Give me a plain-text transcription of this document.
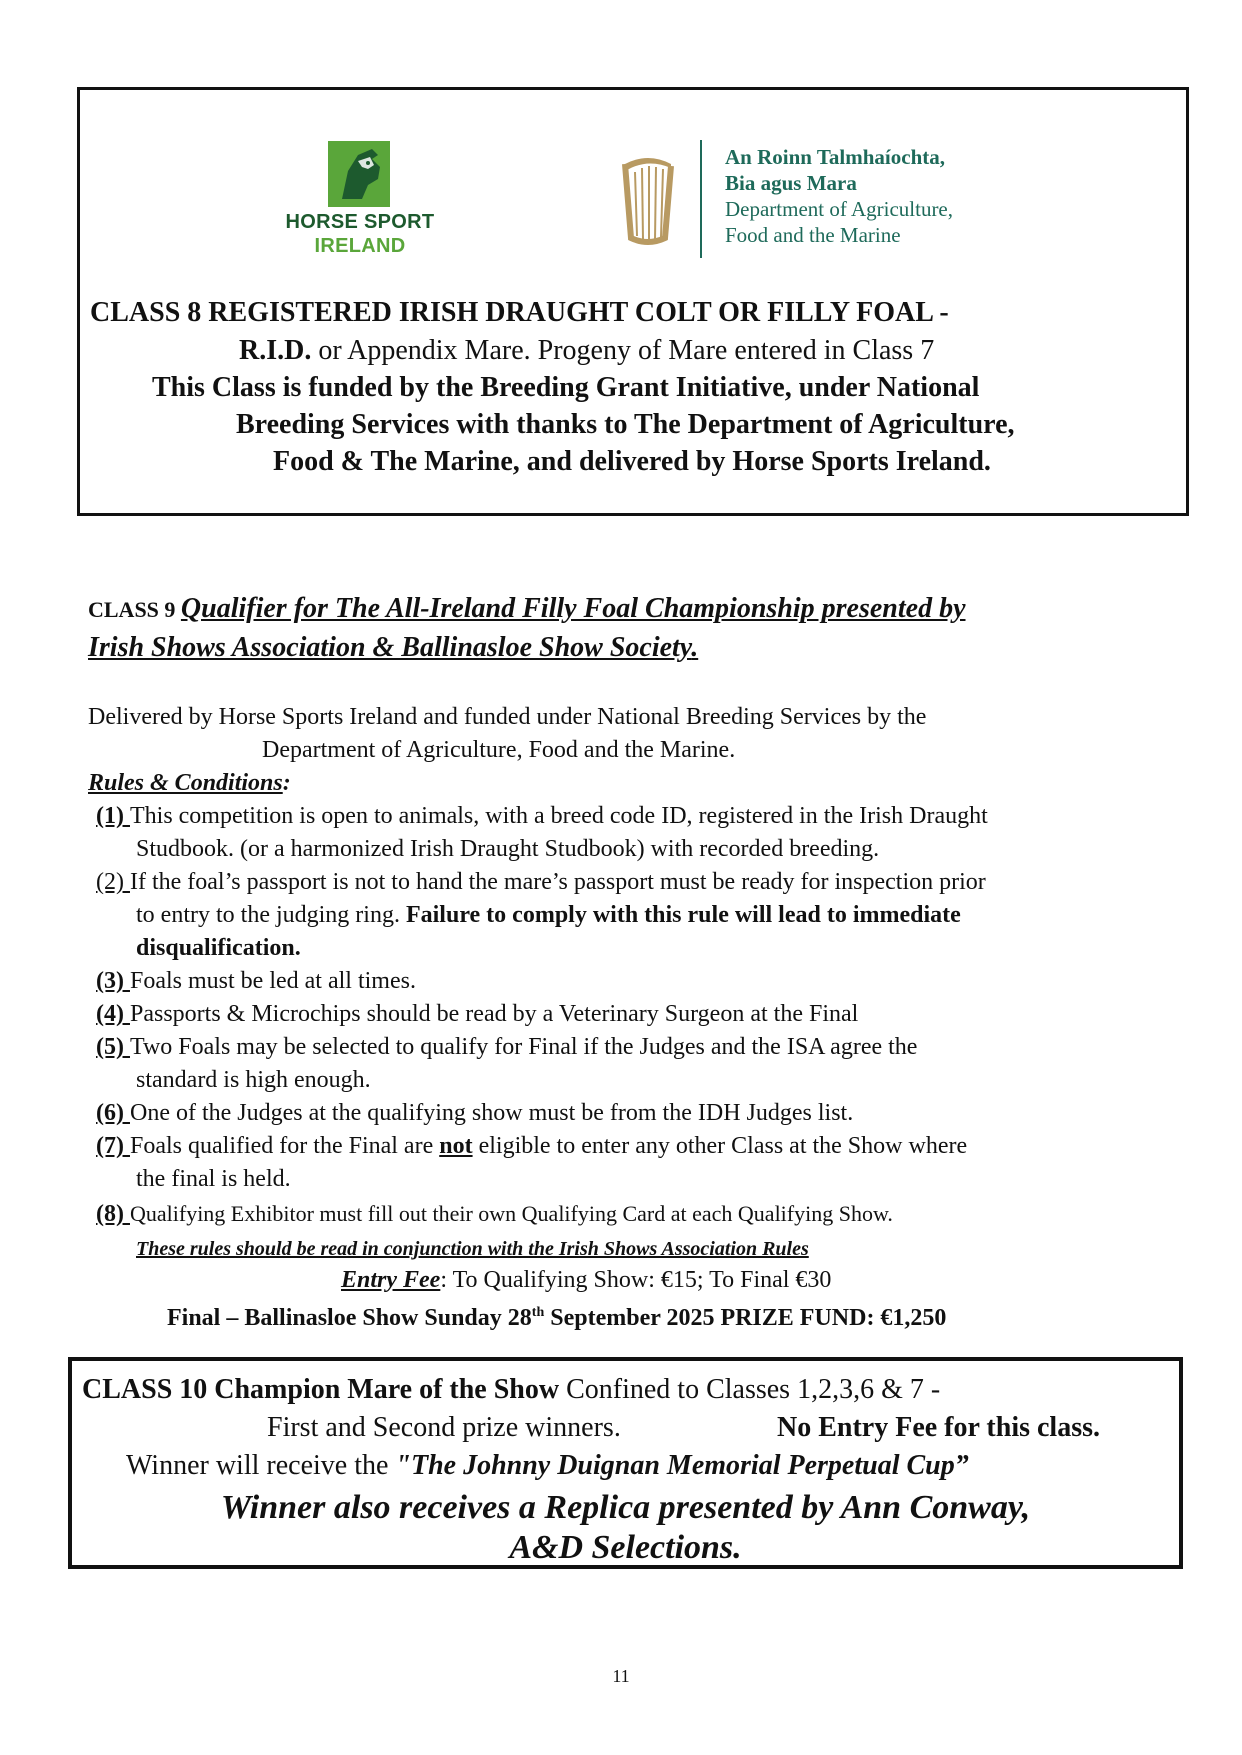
HORSE SPORT
IRELAND
An Roinn Talmhaíochta,
Bia agus Mara
Department of Agriculture,
Food and the Marine
CLASS 8 REGISTERED IRISH DRAUGHT COLT OR FILLY FOAL -
R.I.D. or Appendix Mare. Progeny of Mare entered in Class 7
This Class is funded by the Breeding Grant Initiative, under National
Breeding Services with thanks to The Department of Agriculture,
Food & The Marine, and delivered by Horse Sports Ireland.
CLASS 9 Qualifier for The All-Ireland Filly Foal Championship presented by
Irish Shows Association & Ballinasloe Show Society.
Delivered by Horse Sports Ireland and funded under National Breeding Services by the
Department of Agriculture, Food and the Marine.
Rules & Conditions:
(1) This competition is open to animals, with a breed code ID, registered in the Irish Draught
Studbook. (or a harmonized Irish Draught Studbook) with recorded breeding.
(2) If the foal’s passport is not to hand the mare’s passport must be ready for inspection prior
to entry to the judging ring. Failure to comply with this rule will lead to immediate
disqualification.
(3) Foals must be led at all times.
(4) Passports & Microchips should be read by a Veterinary Surgeon at the Final
(5) Two Foals may be selected to qualify for Final if the Judges and the ISA agree the
standard is high enough.
(6) One of the Judges at the qualifying show must be from the IDH Judges list.
(7) Foals qualified for the Final are not eligible to enter any other Class at the Show where
the final is held.
(8) Qualifying Exhibitor must fill out their own Qualifying Card at each Qualifying Show.
These rules should be read in conjunction with the Irish Shows Association Rules
Entry Fee: To Qualifying Show: €15; To Final €30
Final – Ballinasloe Show Sunday 28th September 2025 PRIZE FUND: €1,250
CLASS 10 Champion Mare of the Show Confined to Classes 1,2,3,6 & 7 -
First and Second prize winners.	No Entry Fee for this class.
Winner will receive the "The Johnny Duignan Memorial Perpetual Cup”
Winner also receives a Replica presented by Ann Conway,
A&D Selections.
11
